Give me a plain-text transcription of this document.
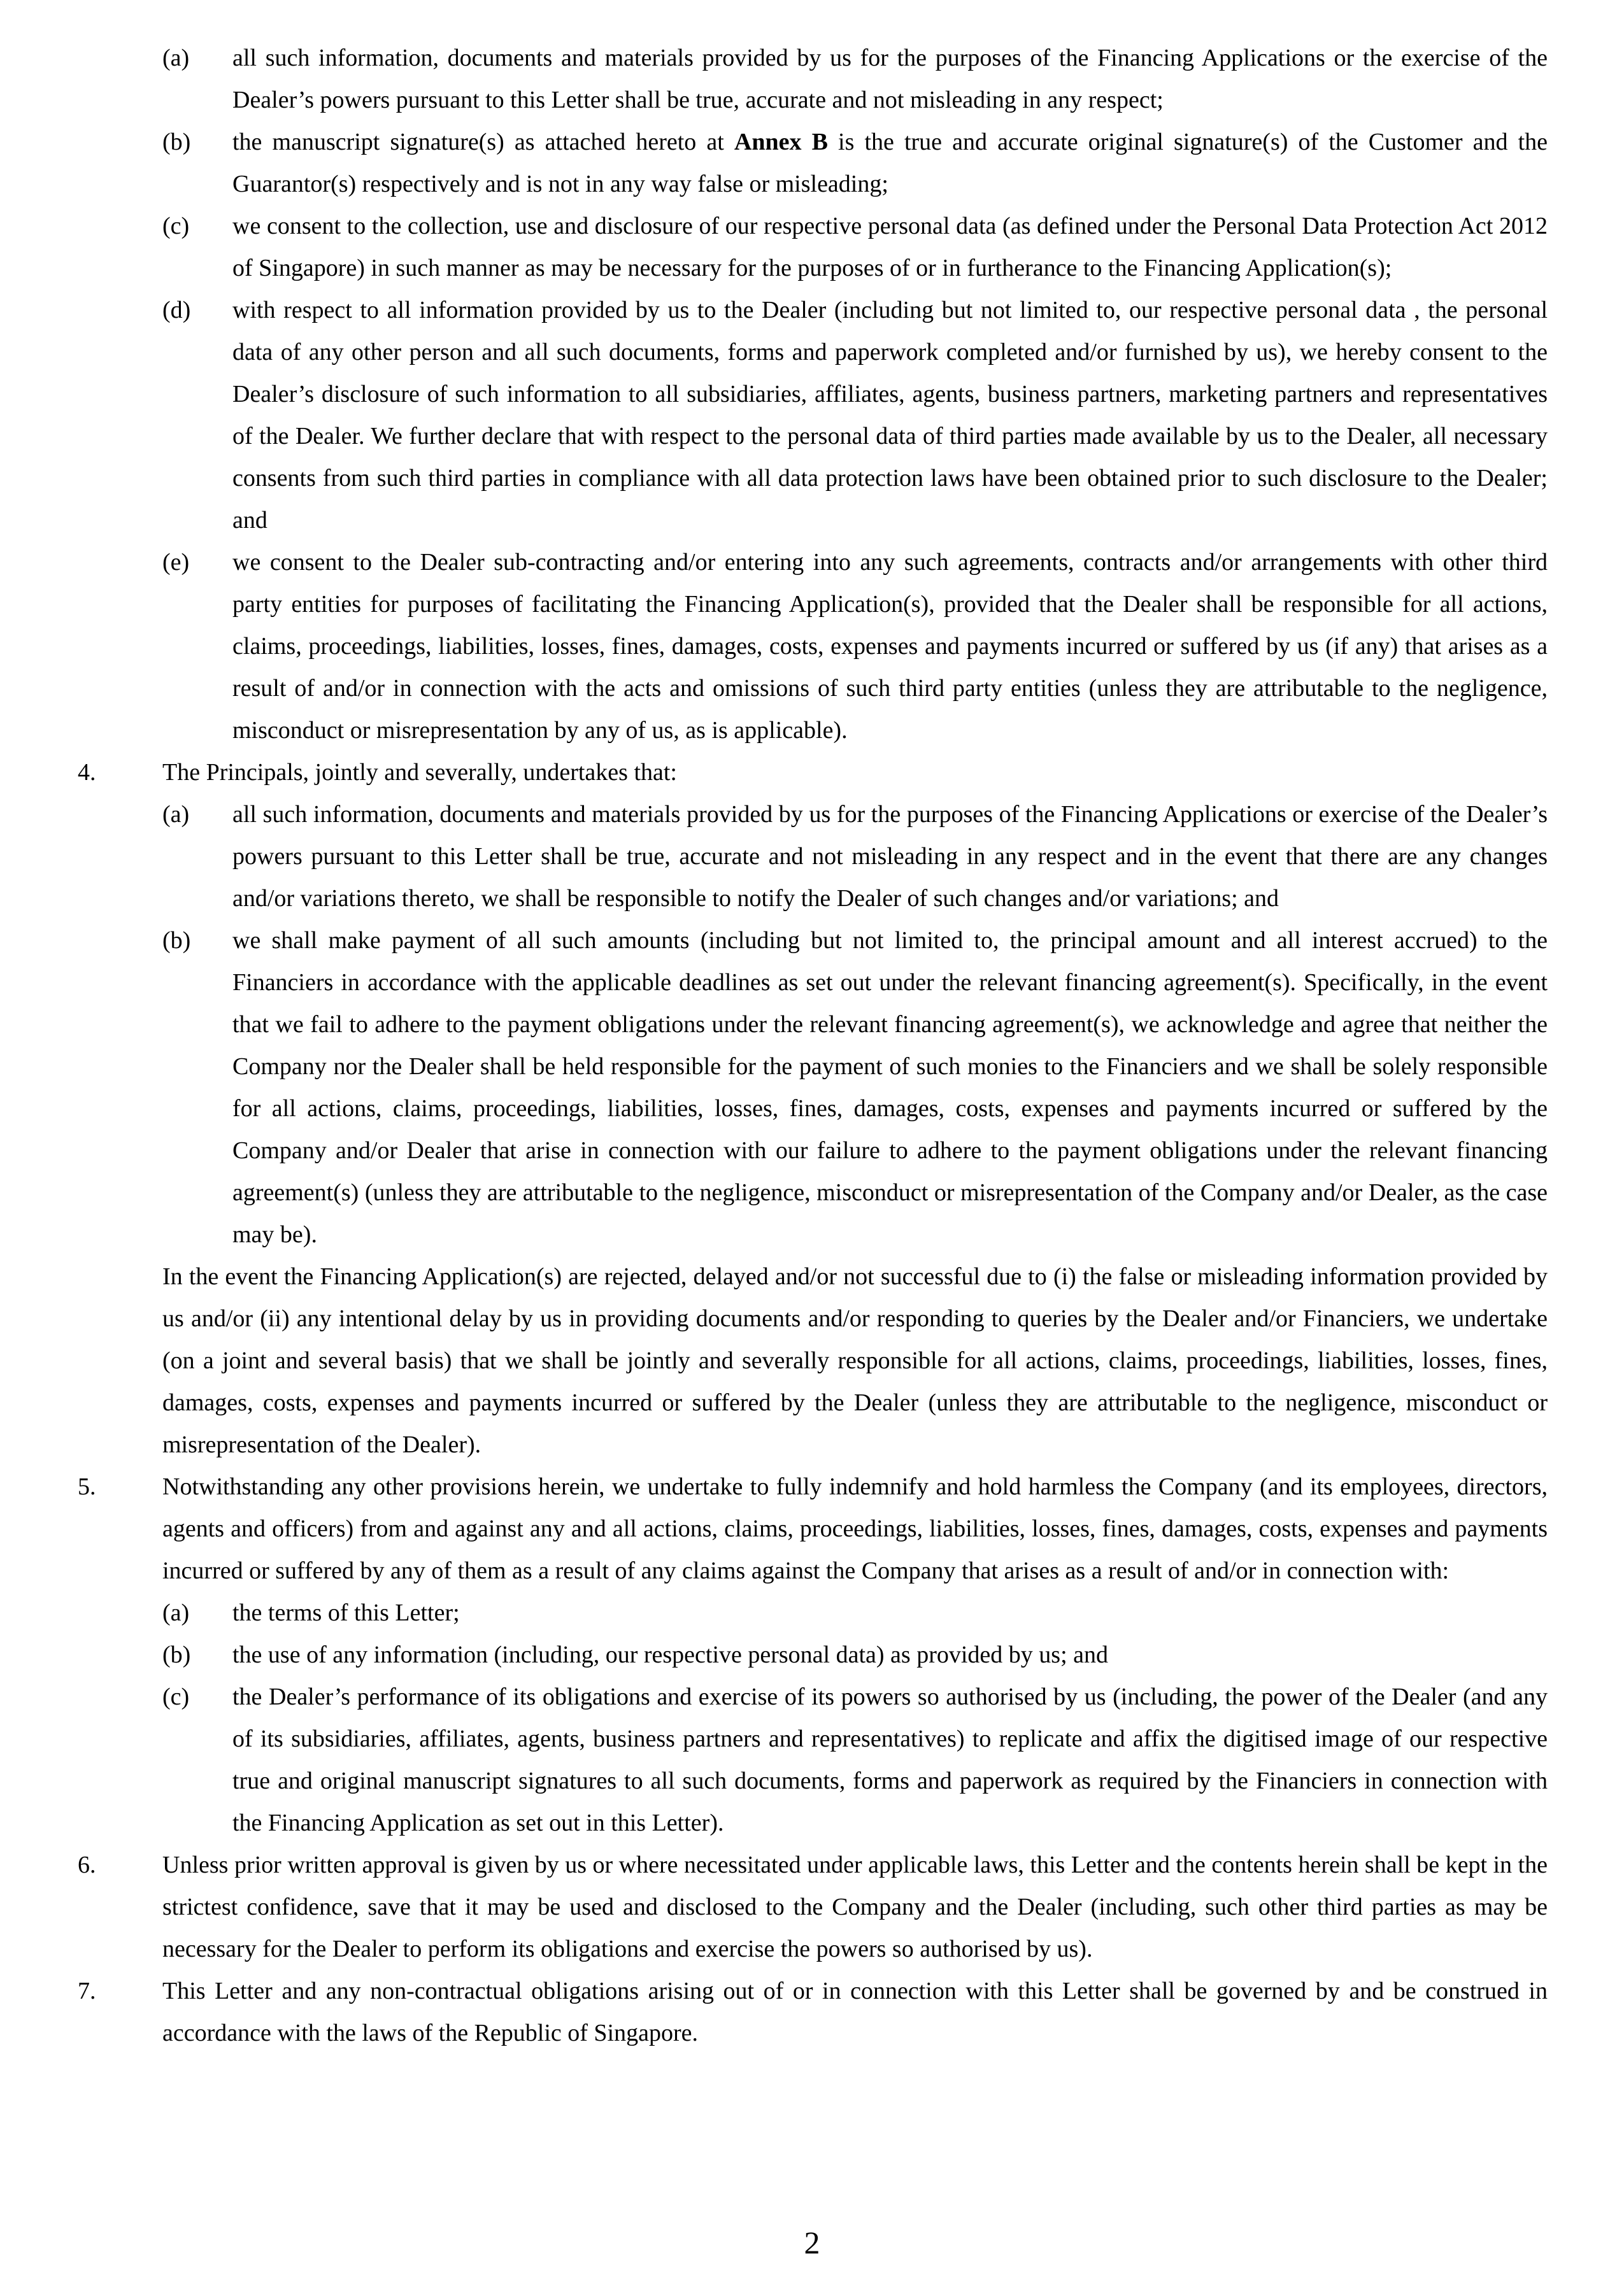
(a)	all such information, documents and materials provided by us for the purposes of the Financing Applications or the exercise of the Dealer’s powers pursuant to this Letter shall be true, accurate and not misleading in any respect;

(b)	the manuscript signature(s) as attached hereto at Annex B is the true and accurate original signature(s) of the Customer and the Guarantor(s) respectively and is not in any way false or misleading;

(c)	we consent to the collection, use and disclosure of our respective personal data (as defined under the Personal Data Protection Act 2012 of Singapore) in such manner as may be necessary for the purposes of or in furtherance to the Financing Application(s);

(d)	with respect to all information provided by us to the Dealer (including but not limited to, our respective personal data , the personal data of any other person and all such documents, forms and paperwork completed and/or furnished by us), we hereby consent to the Dealer’s disclosure of such information to all subsidiaries, affiliates, agents, business partners, marketing partners and representatives of the Dealer. We further declare that with respect to the personal data of third parties made available by us to the Dealer, all necessary consents from such third parties in compliance with all data protection laws have been obtained prior to such disclosure to the Dealer; and

(e)	we consent to the Dealer sub-contracting and/or entering into any such agreements, contracts and/or arrangements with other third party entities for purposes of facilitating the Financing Application(s), provided that the Dealer shall be responsible for all actions, claims, proceedings, liabilities, losses, fines, damages, costs, expenses and payments incurred or suffered by us (if any) that arises as a result of and/or in connection with the acts and omissions of such third party entities (unless they are attributable to the negligence, misconduct or misrepresentation by any of us, as is applicable).

4.	The Principals, jointly and severally, undertakes that:

(a)	all such information, documents and materials provided by us for the purposes of the Financing Applications or exercise of the Dealer’s powers pursuant to this Letter shall be true, accurate and not misleading in any respect and in the event that there are any changes and/or variations thereto, we shall be responsible to notify the Dealer of such changes and/or variations; and

(b)	we shall make payment of all such amounts (including but not limited to, the principal amount and all interest accrued) to the Financiers in accordance with the applicable deadlines as set out under the relevant financing agreement(s). Specifically, in the event that we fail to adhere to the payment obligations under the relevant financing agreement(s), we acknowledge and agree that neither the Company nor the Dealer shall be held responsible for the payment of such monies to the Financiers and we shall be solely responsible for all actions, claims, proceedings, liabilities, losses, fines, damages, costs, expenses and payments incurred or suffered by the Company and/or Dealer that arise in connection with our failure to adhere to the payment obligations under the relevant financing agreement(s) (unless they are attributable to the negligence, misconduct or misrepresentation of the Company and/or Dealer, as the case may be).

In the event the Financing Application(s) are rejected, delayed and/or not successful due to (i) the false or misleading information provided by us and/or (ii) any intentional delay by us in providing documents and/or responding to queries by the Dealer and/or Financiers, we undertake (on a joint and several basis) that we shall be jointly and severally responsible for all actions, claims, proceedings, liabilities, losses, fines, damages, costs, expenses and payments incurred or suffered by the Dealer (unless they are attributable to the negligence, misconduct or misrepresentation of the Dealer).

5.	Notwithstanding any other provisions herein, we undertake to fully indemnify and hold harmless the Company (and its employees, directors, agents and officers) from and against any and all actions, claims, proceedings, liabilities, losses, fines, damages, costs, expenses and payments incurred or suffered by any of them as a result of any claims against the Company that arises as a result of and/or in connection with:

(a)	the terms of this Letter;

(b)	the use of any information (including, our respective personal data) as provided by us; and

(c)	the Dealer’s performance of its obligations and exercise of its powers so authorised by us (including, the power of the Dealer (and any of its subsidiaries, affiliates, agents, business partners and representatives) to replicate and affix the digitised image of our respective true and original manuscript signatures to all such documents, forms and paperwork as required by the Financiers in connection with the Financing Application as set out in this Letter).

6.	Unless prior written approval is given by us or where necessitated under applicable laws, this Letter and the contents herein shall be kept in the strictest confidence, save that it may be used and disclosed to the Company and the Dealer (including, such other third parties as may be necessary for the Dealer to perform its obligations and exercise the powers so authorised by us).

7.	This Letter and any non-contractual obligations arising out of or in connection with this Letter shall be governed by and be construed in accordance with the laws of the Republic of Singapore.

2
